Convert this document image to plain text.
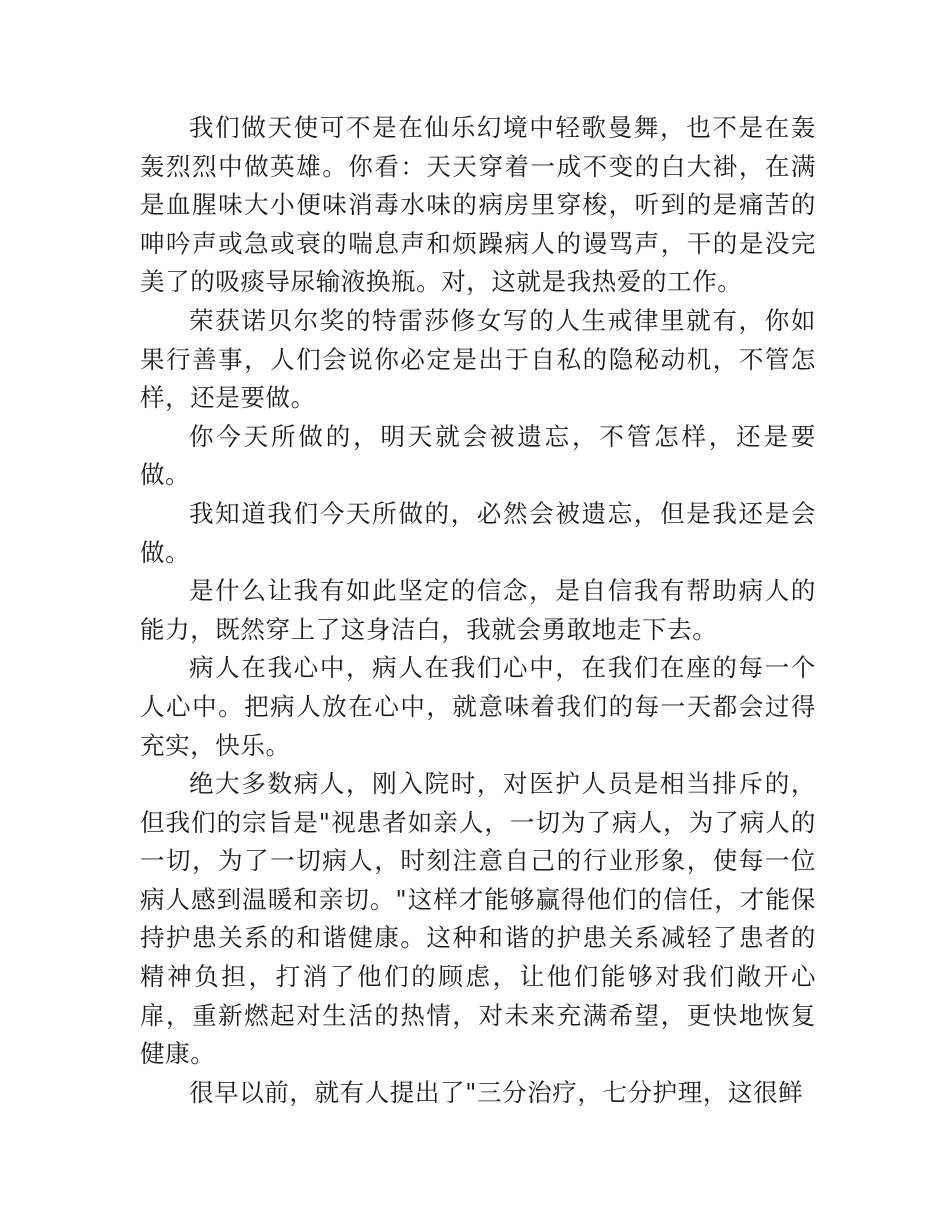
我们做天使可不是在仙乐幻境中轻歌曼舞，也不是在轰轰烈烈中做英雄。你看：天天穿着一成不变的白大褂，在满是血腥味大小便味消毒水味的病房里穿梭，听到的是痛苦的呻吟声或急或衰的喘息声和烦躁病人的谩骂声，干的是没完美了的吸痰导尿输液换瓶。对，这就是我热爱的工作。

荣获诺贝尔奖的特雷莎修女写的人生戒律里就有，你如果行善事，人们会说你必定是出于自私的隐秘动机，不管怎样，还是要做。

你今天所做的，明天就会被遗忘，不管怎样，还是要做。

我知道我们今天所做的，必然会被遗忘，但是我还是会做。

是什么让我有如此坚定的信念，是自信我有帮助病人的能力，既然穿上了这身洁白，我就会勇敢地走下去。

病人在我心中，病人在我们心中，在我们在座的每一个人心中。把病人放在心中，就意味着我们的每一天都会过得充实，快乐。

绝大多数病人，刚入院时，对医护人员是相当排斥的，但我们的宗旨是"视患者如亲人，一切为了病人，为了病人的一切，为了一切病人，时刻注意自己的行业形象，使每一位病人感到温暖和亲切。"这样才能够赢得他们的信任，才能保持护患关系的和谐健康。这种和谐的护患关系减轻了患者的精神负担，打消了他们的顾虑，让他们能够对我们敞开心扉，重新燃起对生活的热情，对未来充满希望，更快地恢复健康。

很早以前，就有人提出了"三分治疗，七分护理，这很鲜
